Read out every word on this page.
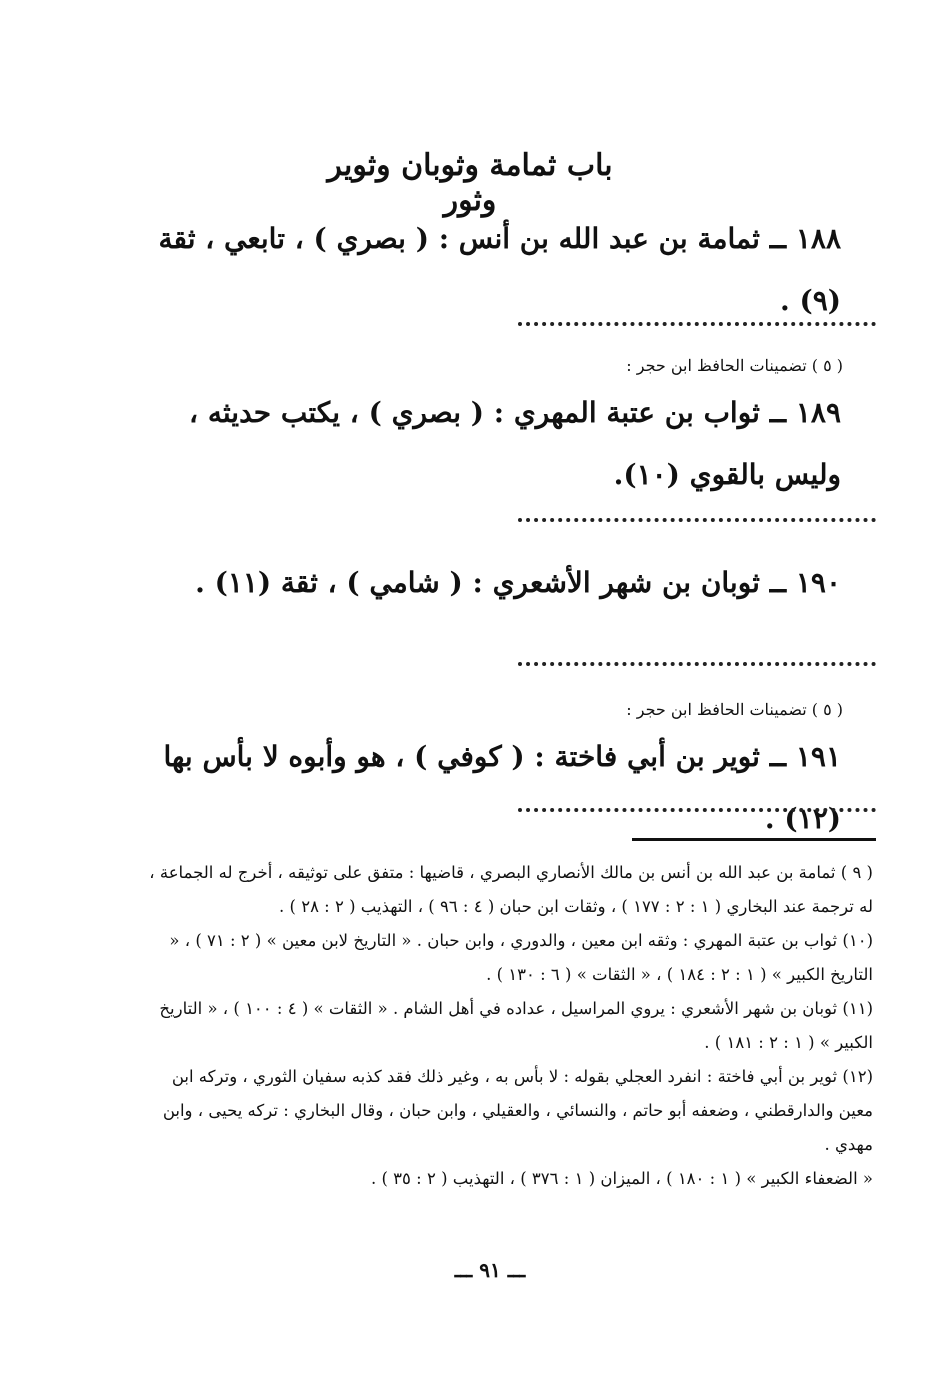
باب ثمامة وثوبان وثوير وثور
١٨٨ ــ ثمامة بن عبد الله بن أنس : ( بصري ) ، تابعي ، ثقة (٩) .
( ٥ ) تضمينات الحافظ ابن حجر :
١٨٩ ــ ثواب بن عتبة المهري : ( بصري ) ، يكتب حديثه ، وليس بالقوي (١٠).
١٩٠ ــ ثوبان بن شهر الأشعري : ( شامي ) ، ثقة (١١) .
( ٥ ) تضمينات الحافظ ابن حجر :
١٩١ ــ ثوير بن أبي فاختة : ( كوفي ) ، هو وأبوه لا بأس بها (١٢) .

( ٩ ) ثمامة بن عبد الله بن أنس بن مالك الأنصاري البصري ، قاضيها : متفق على توثيقه ، أخرج له الجماعة ، له ترجمة عند البخاري ( ١ : ٢ : ١٧٧ ) ، وثقات ابن حبان ( ٤ : ٩٦ ) ، التهذيب ( ٢ : ٢٨ ) .

(١٠) ثواب بن عتبة المهري : وثقه ابن معين ، والدوري ، وابن حبان . « التاريخ لابن معين » ( ٢ : ٧١ ) ، « التاريخ الكبير » ( ١ : ٢ : ١٨٤ ) ، « الثقات » ( ٦ : ١٣٠ ) .

(١١) ثوبان بن شهر الأشعري : يروي المراسيل ، عداده في أهل الشام . « الثقات » ( ٤ : ١٠٠ ) ، « التاريخ الكبير » ( ١ : ٢ : ١٨١ ) .

(١٢) ثوير بن أبي فاختة : انفرد العجلي بقوله : لا بأس به ، وغير ذلك فقد كذبه سفيان الثوري ، وتركه ابن معين والدارقطني ، وضعفه أبو حاتم ، والنسائي ، والعقيلي ، وابن حبان ، وقال البخاري : تركه يحيى ، وابن مهدي .

« الضعفاء الكبير » ( ١ : ١٨٠ ) ، الميزان ( ١ : ٣٧٦ ) ، التهذيب ( ٢ : ٣٥ ) .

ـــ ٩١ ـــ
